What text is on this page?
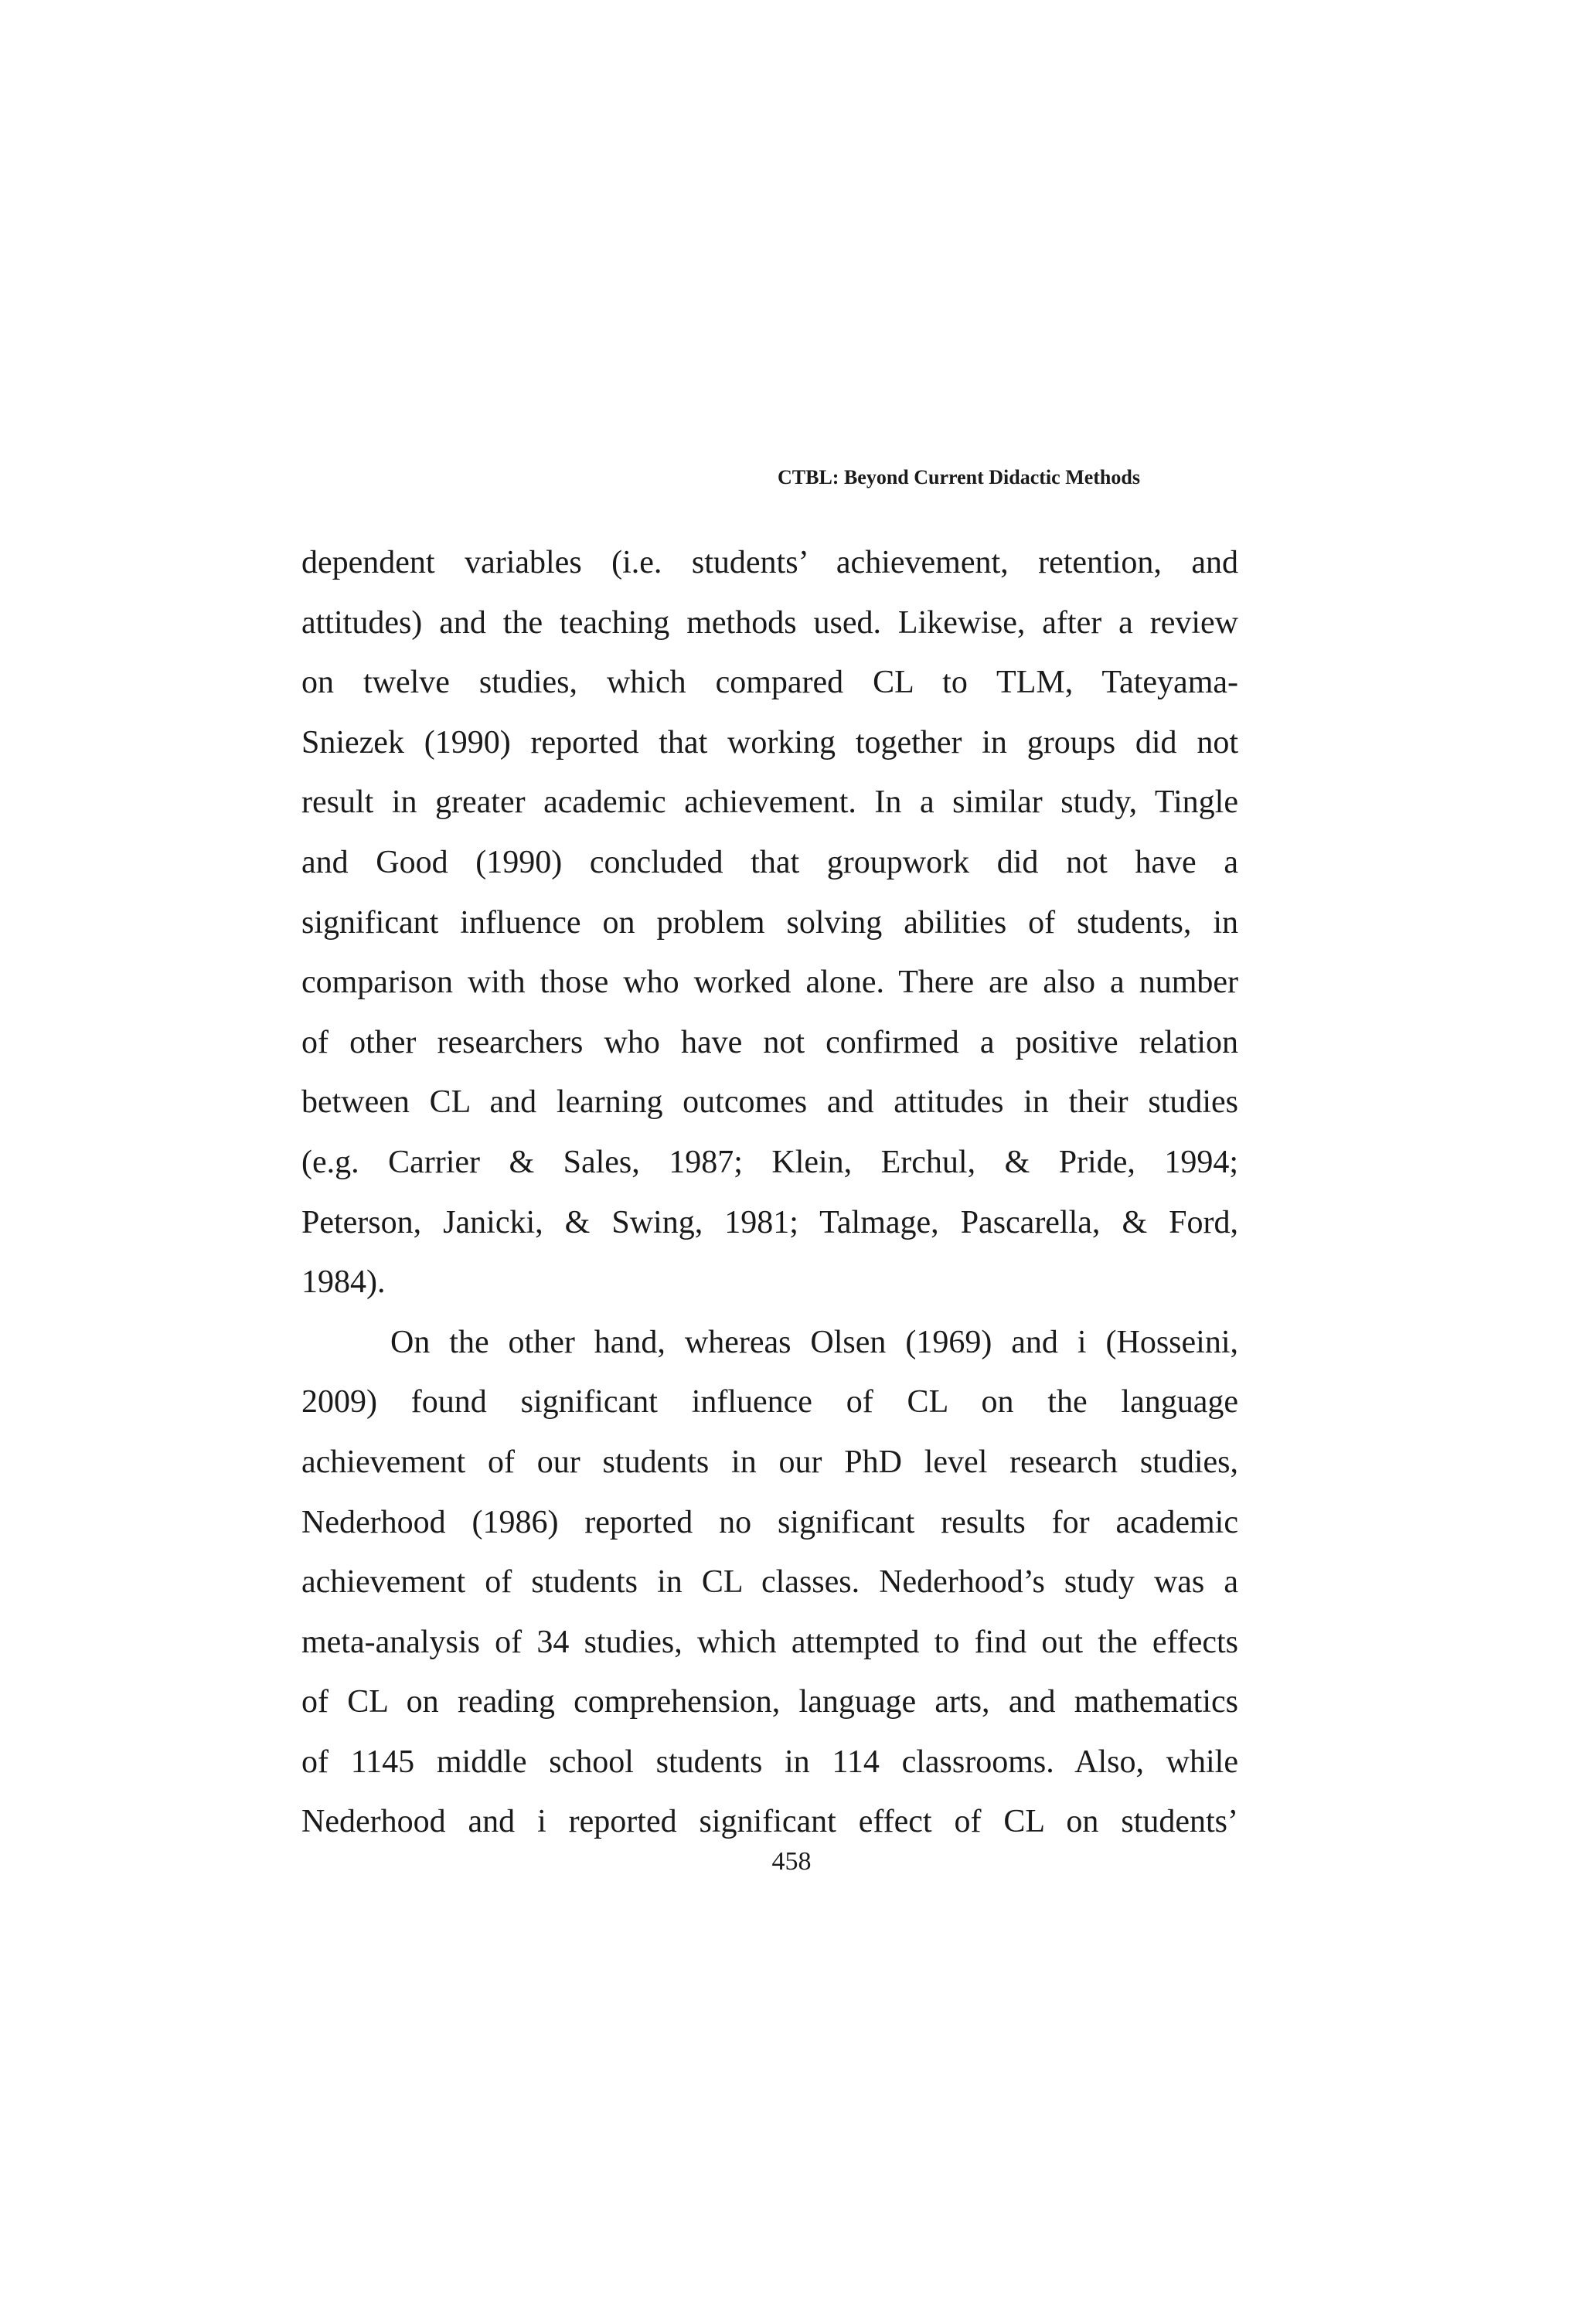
CTBL: Beyond Current Didactic Methods
dependent variables (i.e. students’ achievement, retention, and
attitudes) and the teaching methods used. Likewise, after a review
on twelve studies, which compared CL to TLM, Tateyama-
Sniezek (1990) reported that working together in groups did not
result in greater academic achievement. In a similar study, Tingle
and Good (1990) concluded that groupwork did not have a
significant influence on problem solving abilities of students, in
comparison with those who worked alone. There are also a number
of other researchers who have not confirmed a positive relation
between CL and learning outcomes and attitudes in their studies
(e.g. Carrier & Sales, 1987; Klein, Erchul, & Pride, 1994;
Peterson, Janicki, & Swing, 1981; Talmage, Pascarella, & Ford,
1984).
On the other hand, whereas Olsen (1969) and i (Hosseini,
2009) found significant influence of CL on the language
achievement of our students in our PhD level research studies,
Nederhood (1986) reported no significant results for academic
achievement of students in CL classes. Nederhood’s study was a
meta-analysis of 34 studies, which attempted to find out the effects
of CL on reading comprehension, language arts, and mathematics
of 1145 middle school students in 114 classrooms. Also, while
Nederhood and i reported significant effect of CL on students’
458
